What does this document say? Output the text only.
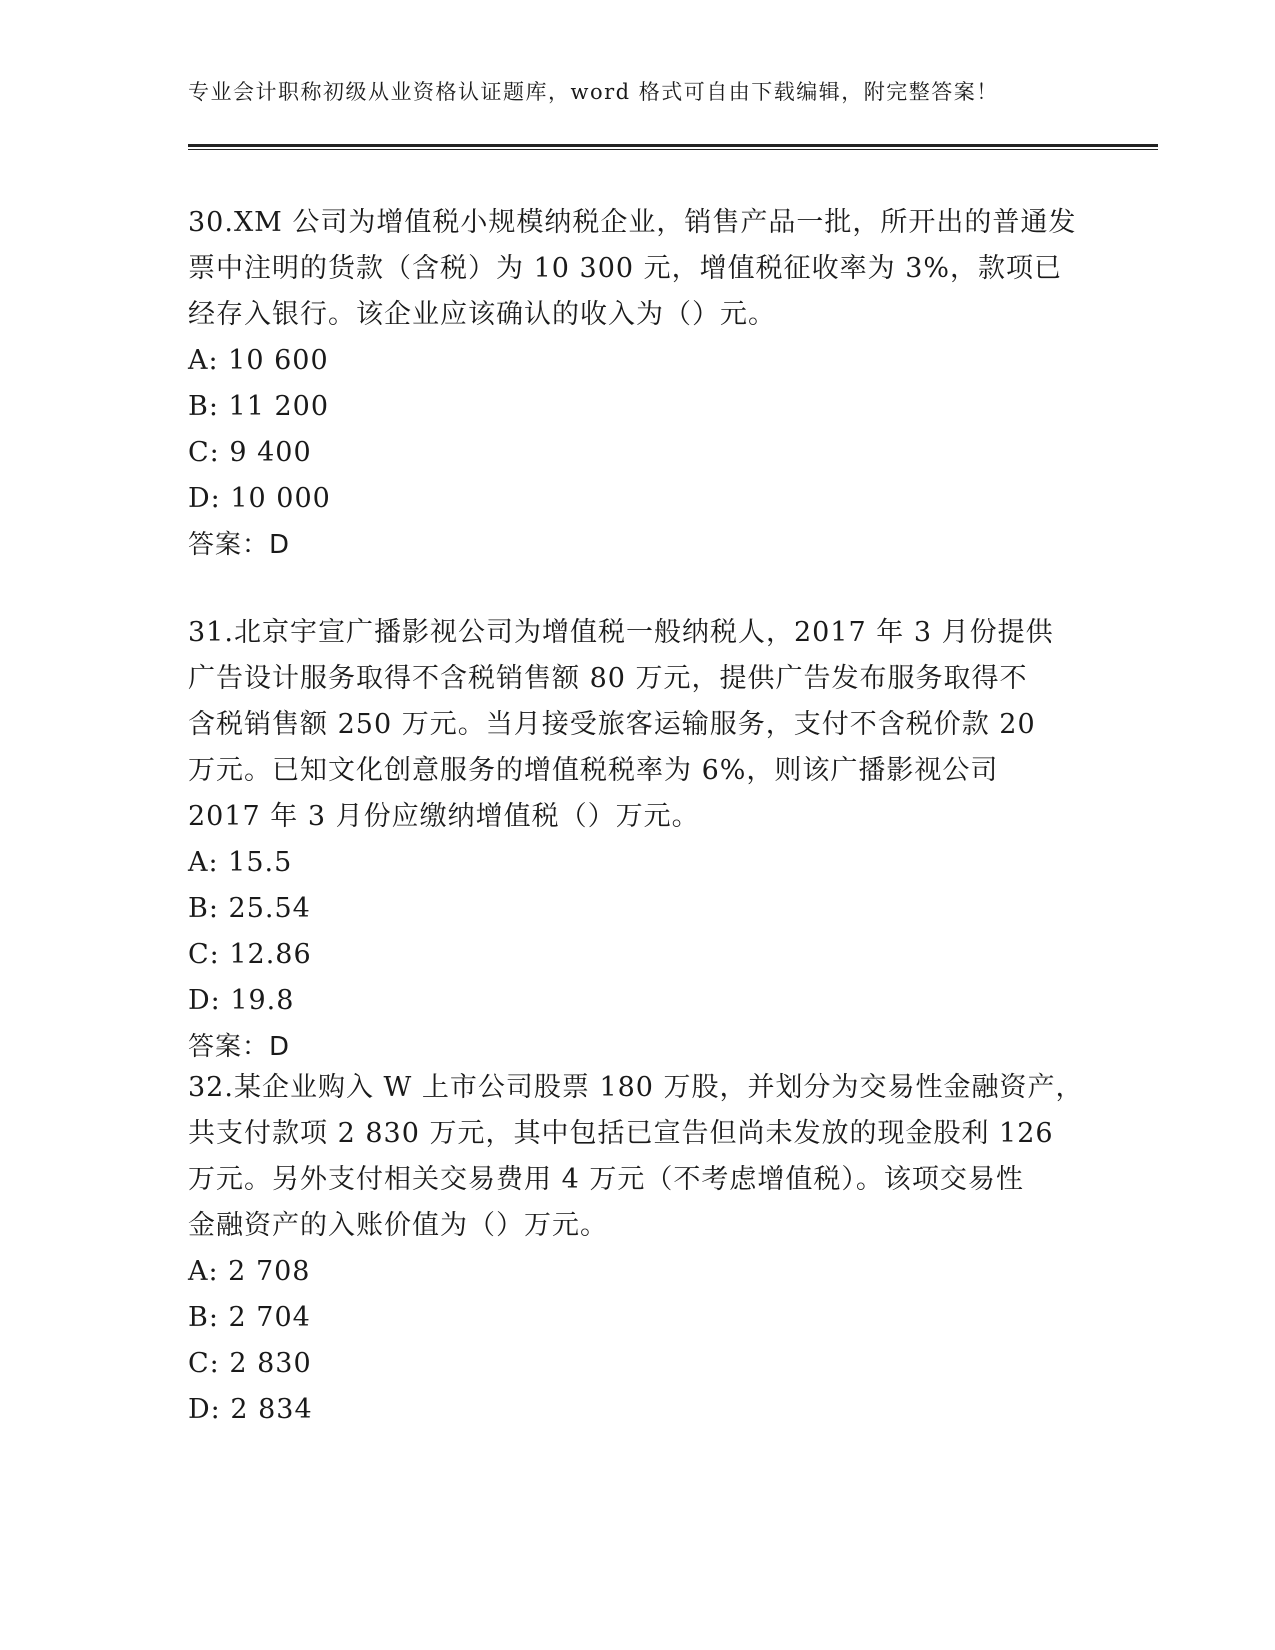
专业会计职称初级从业资格认证题库，word 格式可自由下载编辑，附完整答案！

30.XM 公司为增值税小规模纳税企业，销售产品一批，所开出的普通发
票中注明的货款（含税）为 10 300 元，增值税征收率为 3%，款项已
经存入银行。该企业应该确认的收入为（）元。

A: 10 600
B: 11 200
C: 9 400
D: 10 000
答案：D

31.北京宇宣广播影视公司为增值税一般纳税人，2017 年 3 月份提供
广告设计服务取得不含税销售额 80 万元，提供广告发布服务取得不
含税销售额 250 万元。当月接受旅客运输服务，支付不含税价款 20
万元。已知文化创意服务的增值税税率为 6%，则该广播影视公司
2017 年 3 月份应缴纳增值税（）万元。

A: 15.5
B: 25.54
C: 12.86
D: 19.8
答案：D

32.某企业购入 W 上市公司股票 180 万股，并划分为交易性金融资产，
共支付款项 2 830 万元，其中包括已宣告但尚未发放的现金股利 126
万元。另外支付相关交易费用 4 万元（不考虑增值税）。该项交易性
金融资产的入账价值为（）万元。

A: 2 708
B: 2 704
C: 2 830
D: 2 834
